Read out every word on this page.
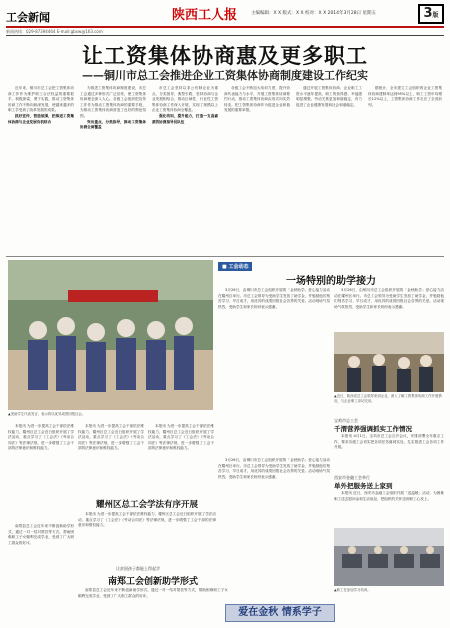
工会新闻	陕西工人报	主编编辑：X X 版式：X X 校对：X X 2014年3月28日 星期五	3版
新闻热线：029-87394464 E-mail:gbxw@163.com
让工资集体协商惠及更多职工
——铜川市总工会推进企业工资集体协商制度建设工作纪实

近年来，铜川市总工会把工资集体协商工作作为维护职工合法权益的重要抓手，积极探索，勇于实践，推动工资集体协商工作不断向纵深发展，使越来越多的职工享受到了改革发展的成果。

抓好宣传，营造氛围，把推进工资集体协商与企业发展有机结合

为推进工资集体协商制度建设，市总工会通过多种形式广泛宣传，使工资集体协商理念深入人心。各级工会组织把宣传工作作为推动工资集体协商的重要手段，为推动工资集体协商营造了良好的舆论氛围。

突出重点，分类指导，推动工资集体协商全面覆盖

市总工会坚持以非公有制企业为重点，分类指导，典型引路，坚持协商与企业发展相结合，推动区域性、行业性工资集体协商工作深入开展，实现了规模以上企业工资集体协商全覆盖。

强化培训，提升能力，打造一支高素质的协商指导员队伍

各级工会不断加大培训力度，提升协商代表能力与水平，开展工资集体协商要约行动，推动工资集体协商由形式向实效转变，把工资集体协商作为促进企业和谐发展的重要举措。

通过开展工资集体协商，企业职工工资水平逐年提高，职工的获得感、幸福感明显增强，劳动关系更加和谐稳定，有力促进了企业健康发展和社会和谐稳定。

据统计，全市建立工会组织的企业工资集体协商建制率达到95%以上，职工工资年均增长12%以上，工资集体协商工作走在了全省前列。

■ 工会动态
一场特别的助学接力

3月26日，由铜川市总工会组织开展的「金秋助学」爱心接力活动在耀州区举行。市总工会领导为受助学生发放了助学金，并勉励他们刻苦学习、早日成才，用优异的成绩回报社会各界的关爱。活动现场气氛热烈，受助学生和家长纷纷表示感谢。

3月26日，由铜川市总工会组织开展的「金秋助学」爱心接力活动在耀州区举行。市总工会领导为受助学生发放了助学金，并勉励他们刻苦学习、早日成才，用优异的成绩回报社会各界的关爱。活动现场气氛热烈，受助学生和家长纷纷表示感谢。

▲近日，陕西省总工会领导来到企业，深入了解工资集体协商工作开展情况，与企业职工亲切交谈。
宝鸡市总工会
千渭营养强调抓实工作情况

本报讯 4月1日，宝鸡市总工会召开会议，安排部署全年重点工作，要求各级工会切实把各项任务落到实处，扎实推进工会各项工作开展。

西安市金融工会举行
单外把服务送上家到

本报讯 近日，西安市金融工会组织开展「送温暖」活动，为困难职工送去慰问金和生活用品，把组织的关怀送到职工心坎上。

▲职工在参加学习培训。
▲受助学生代表发言，表示将以优异成绩回报社会。

本报讯 为进一步提高工会干部依法维权能力，耀州区总工会近日组织开展了学法活动，重点学习了《工会法》《劳动合同法》等法律法规，进一步增强了工会干部的法律意识和维权能力。

耀州区总工会学法有序开展

本报讯 为进一步提高工会干部依法维权能力，耀州区总工会近日组织开展了学法活动，重点学习了《工会法》《劳动合同法》等法律法规，进一步增强了工会干部的法律意识和维权能力。

本报讯 为进一步提高工会干部依法维权能力，耀州区总工会近日组织开展了学法活动，重点学习了《工会法》《劳动合同法》等法律法规，进一步增强了工会干部的法律意识和维权能力。

本报讯 为进一步提高工会干部依法维权能力，耀州区总工会近日组织开展了学法活动，重点学习了《工会法》《劳动合同法》等法律法规，进一步增强了工会干部的法律意识和维权能力。

南郑县总工会近年来不断创新助学形式，通过一对一结对帮扶等方式，帮助困难职工子女顺利完成学业，受到了广大职工群众的好评。

让贫困孩子都能上得起学
南郑工会创新助学形式

南郑县总工会近年来不断创新助学形式，通过一对一结对帮扶等方式，帮助困难职工子女顺利完成学业，受到了广大职工群众的好评。

3月26日，由铜川市总工会组织开展的「金秋助学」爱心接力活动在耀州区举行。市总工会领导为受助学生发放了助学金，并勉励他们刻苦学习、早日成才，用优异的成绩回报社会各界的关爱。活动现场气氛热烈，受助学生和家长纷纷表示感谢。

爱在金秋 情系学子
